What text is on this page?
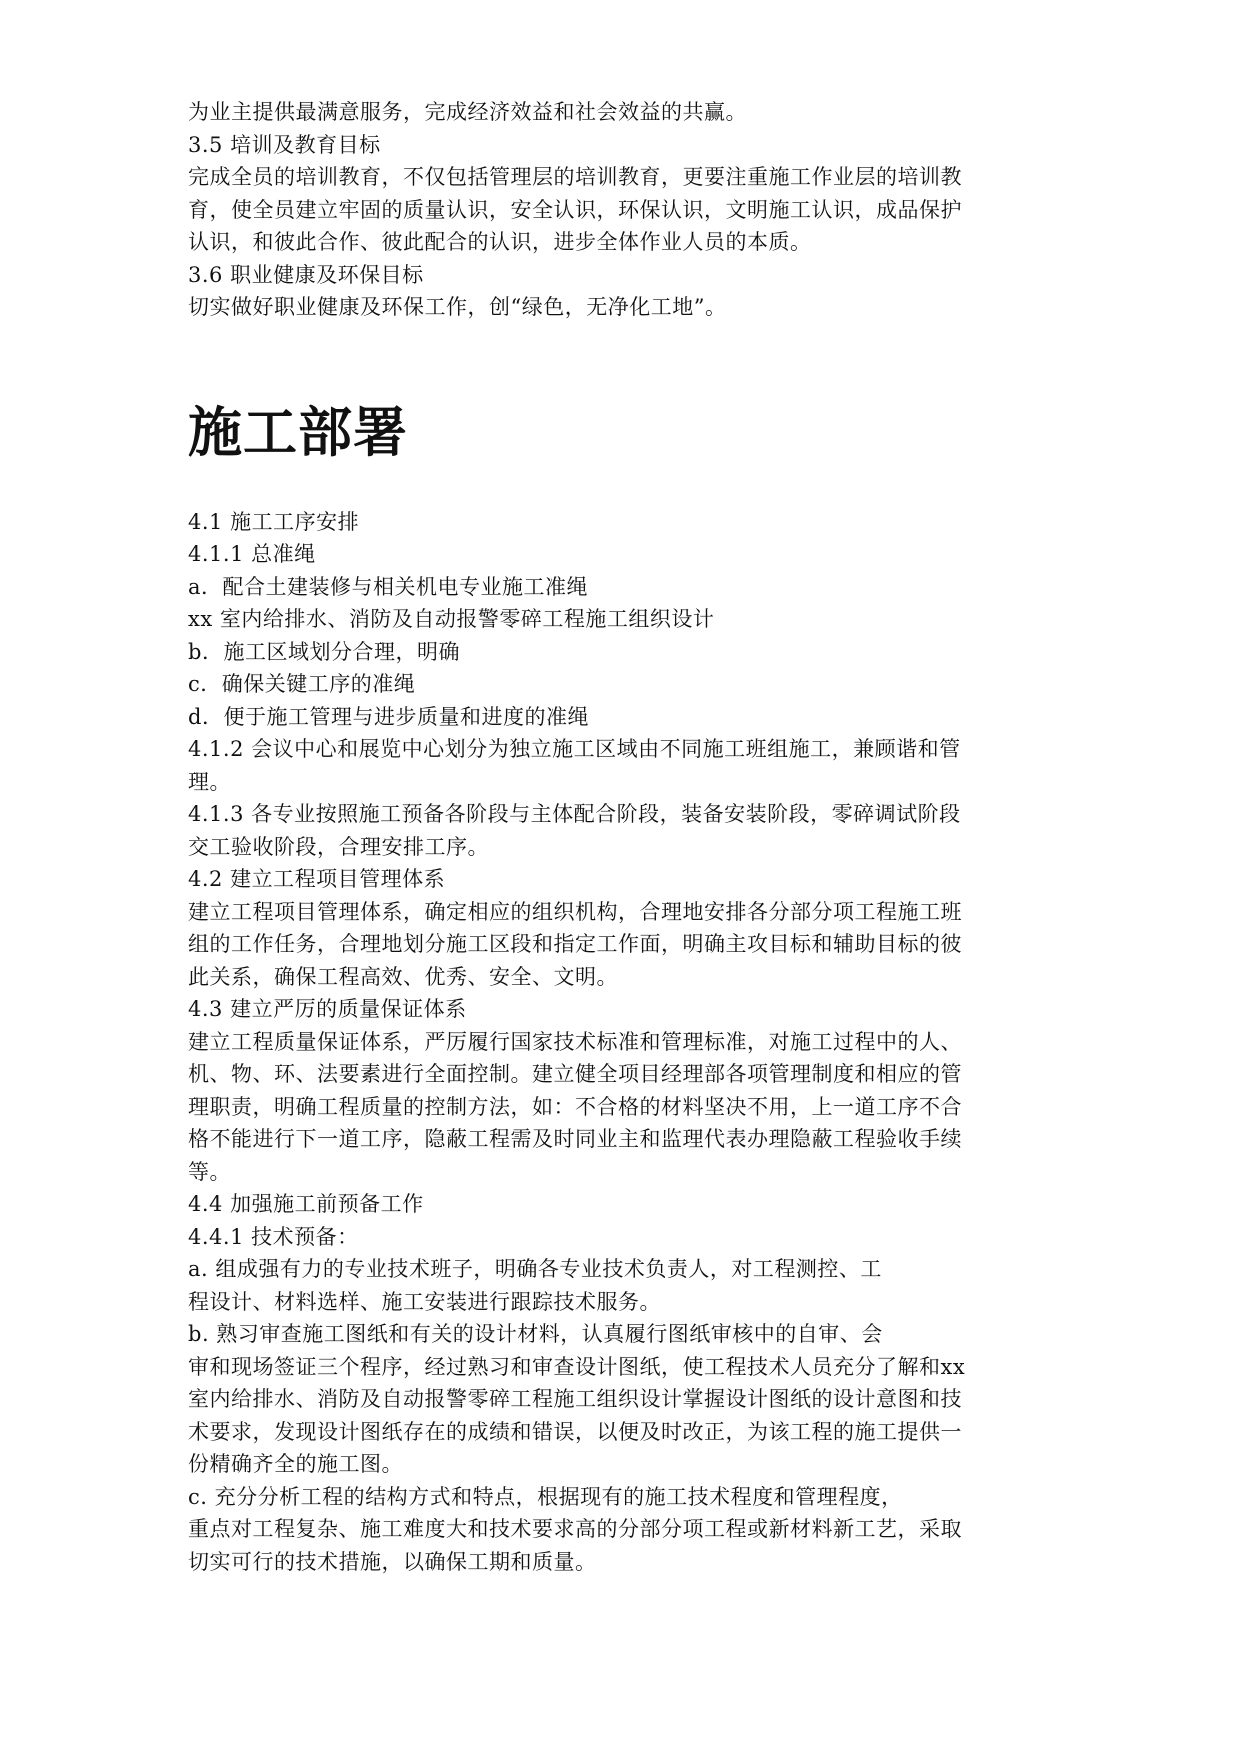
为业主提供最满意服务，完成经济效益和社会效益的共赢。
3.5 培训及教育目标
完成全员的培训教育，不仅包括管理层的培训教育，更要注重施工作业层的培训教
育，使全员建立牢固的质量认识，安全认识，环保认识，文明施工认识，成品保护
认识，和彼此合作、彼此配合的认识，进步全体作业人员的本质。
3.6 职业健康及环保目标
切实做好职业健康及环保工作，创“绿色，无净化工地”。
施工部署
4.1 施工工序安排
4.1.1 总准绳
a．配合土建装修与相关机电专业施工准绳
xx 室内给排水、消防及自动报警零碎工程施工组织设计
b．施工区域划分合理，明确
c．确保关键工序的准绳
d．便于施工管理与进步质量和进度的准绳
4.1.2 会议中心和展览中心划分为独立施工区域由不同施工班组施工，兼顾谐和管
理。
4.1.3 各专业按照施工预备各阶段与主体配合阶段，装备安装阶段，零碎调试阶段
交工验收阶段，合理安排工序。
4.2 建立工程项目管理体系
建立工程项目管理体系，确定相应的组织机构，合理地安排各分部分项工程施工班
组的工作任务，合理地划分施工区段和指定工作面，明确主攻目标和辅助目标的彼
此关系，确保工程高效、优秀、安全、文明。
4.3 建立严厉的质量保证体系
建立工程质量保证体系，严厉履行国家技术标准和管理标准，对施工过程中的人、
机、物、环、法要素进行全面控制。建立健全项目经理部各项管理制度和相应的管
理职责，明确工程质量的控制方法，如：不合格的材料坚决不用，上一道工序不合
格不能进行下一道工序，隐蔽工程需及时同业主和监理代表办理隐蔽工程验收手续
等。
4.4 加强施工前预备工作
4.4.1 技术预备：
a. 组成强有力的专业技术班子，明确各专业技术负责人，对工程测控、工
程设计、材料选样、施工安装进行跟踪技术服务。
b. 熟习审查施工图纸和有关的设计材料，认真履行图纸审核中的自审、会
审和现场签证三个程序，经过熟习和审查设计图纸，使工程技术人员充分了解和xx
室内给排水、消防及自动报警零碎工程施工组织设计掌握设计图纸的设计意图和技
术要求，发现设计图纸存在的成绩和错误，以便及时改正，为该工程的施工提供一
份精确齐全的施工图。
c. 充分分析工程的结构方式和特点，根据现有的施工技术程度和管理程度，
重点对工程复杂、施工难度大和技术要求高的分部分项工程或新材料新工艺，采取
切实可行的技术措施，以确保工期和质量。
